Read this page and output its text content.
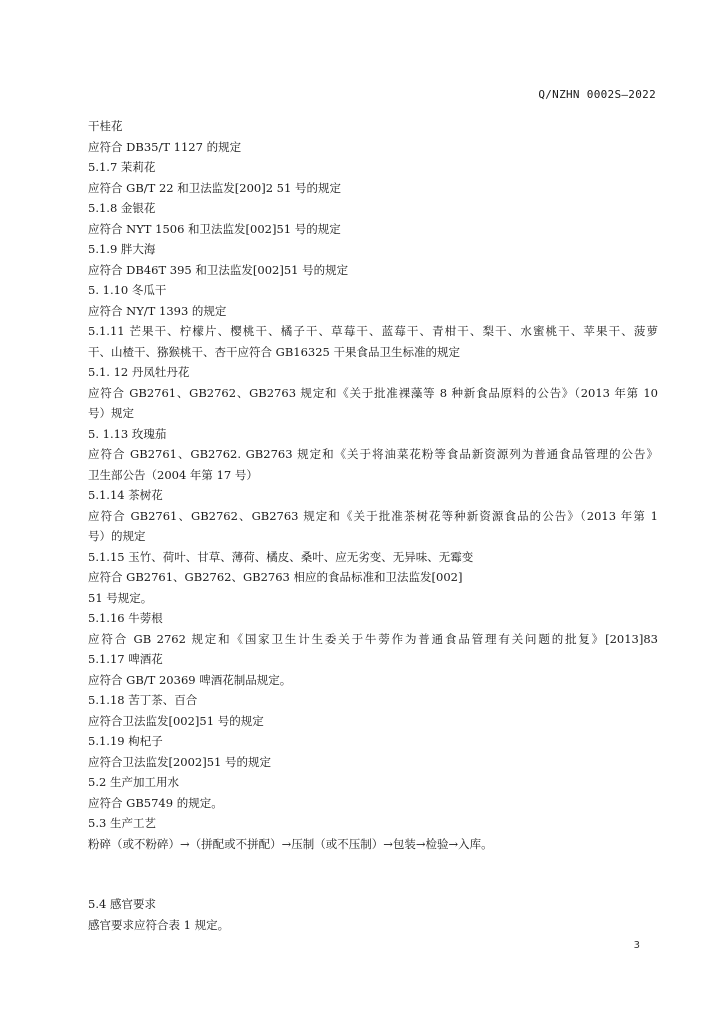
Q/NZHN 0002S—2022
干桂花
应符合 DB35/T 1127 的规定
5.1.7 茉莉花
应符合 GB/T 22 和卫法监发[200]2 51 号的规定
5.1.8 金银花
应符合 NYT 1506 和卫法监发[002]51 号的规定
5.1.9 胖大海
应符合 DB46T 395 和卫法监发[002]51 号的规定
5. 1.10 冬瓜干
应符合 NY/T 1393 的规定
5.1.11 芒果干、柠檬片、樱桃干、橘子干、草莓干、蓝莓干、青柑干、梨干、水蜜桃干、苹果干、菠萝
干、山楂干、猕猴桃干、杏干应符合 GB16325 干果食品卫生标准的规定
5.1. 12 丹凤牡丹花
应符合 GB2761、GB2762、GB2763 规定和《关于批准裸藻等 8 种新食品原料的公告》（2013 年第 10
号）规定
5. 1.13 玫瑰茄
应符合 GB2761、GB2762. GB2763 规定和《关于将油菜花粉等食品新资源列为普通食品管理的公告》
卫生部公告（2004 年第 17 号）
5.1.14 茶树花
应符合 GB2761、GB2762、GB2763 规定和《关于批准茶树花等种新资源食品的公告》（2013 年第 1
号）的规定
5.1.15 玉竹、荷叶、甘草、薄荷、橘皮、桑叶、应无劣变、无异味、无霉变
应符合 GB2761、GB2762、GB2763 相应的食品标准和卫法监发[002]
51 号规定。
5.1.16 牛蒡根
应符合 GB 2762 规定和《国家卫生计生委关于牛蒡作为普通食品管理有关问题的批复》[2013]83
5.1.17 啤酒花
应符合 GB/T 20369 啤酒花制品规定。
5.1.18 苦丁茶、百合
应符合卫法监发[002]51 号的规定
5.1.19 枸杞子
应符合卫法监发[2002]51 号的规定
5.2 生产加工用水
应符合 GB5749 的规定。
5.3 生产工艺
粉碎（或不粉碎）→（拼配或不拼配）→压制（或不压制）→包装→检验→入库。
5.4 感官要求
感官要求应符合表 1 规定。
3
